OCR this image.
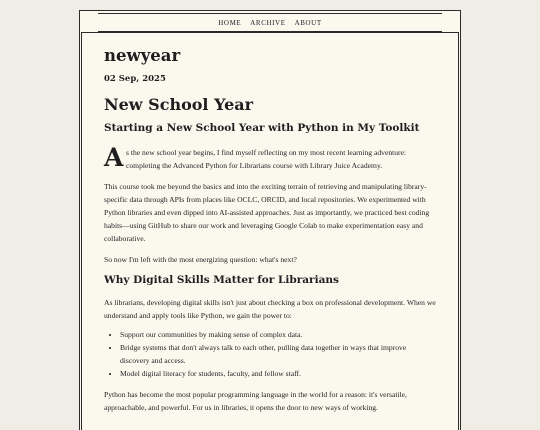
HOME ARCHIVE ABOUT
newyear
02 Sep, 2025
New School Year
Starting a New School Year with Python in My Toolkit
A s the new school year begins, I find myself reflecting on my most recent learning adventure: completing the Advanced Python for Librarians course with Library Juice Academy.

This course took me beyond the basics and into the exciting terrain of retrieving and manipulating library-specific data through APIs from places like OCLC, ORCID, and local repositories. We experimented with Python libraries and even dipped into AI-assisted approaches. Just as importantly, we practiced best coding habits—using GitHub to share our work and leveraging Google Colab to make experimentation easy and collaborative.

So now I'm left with the most energizing question: what's next?

Why Digital Skills Matter for Librarians

As librarians, developing digital skills isn't just about checking a box on professional development. When we understand and apply tools like Python, we gain the power to:

• Support our communities by making sense of complex data.
• Bridge systems that don't always talk to each other, pulling data together in ways that improve discovery and access.
• Model digital literacy for students, faculty, and fellow staff.

Python has become the most popular programming language in the world for a reason: it's versatile, approachable, and powerful. For us in libraries, it opens the door to new ways of working.
